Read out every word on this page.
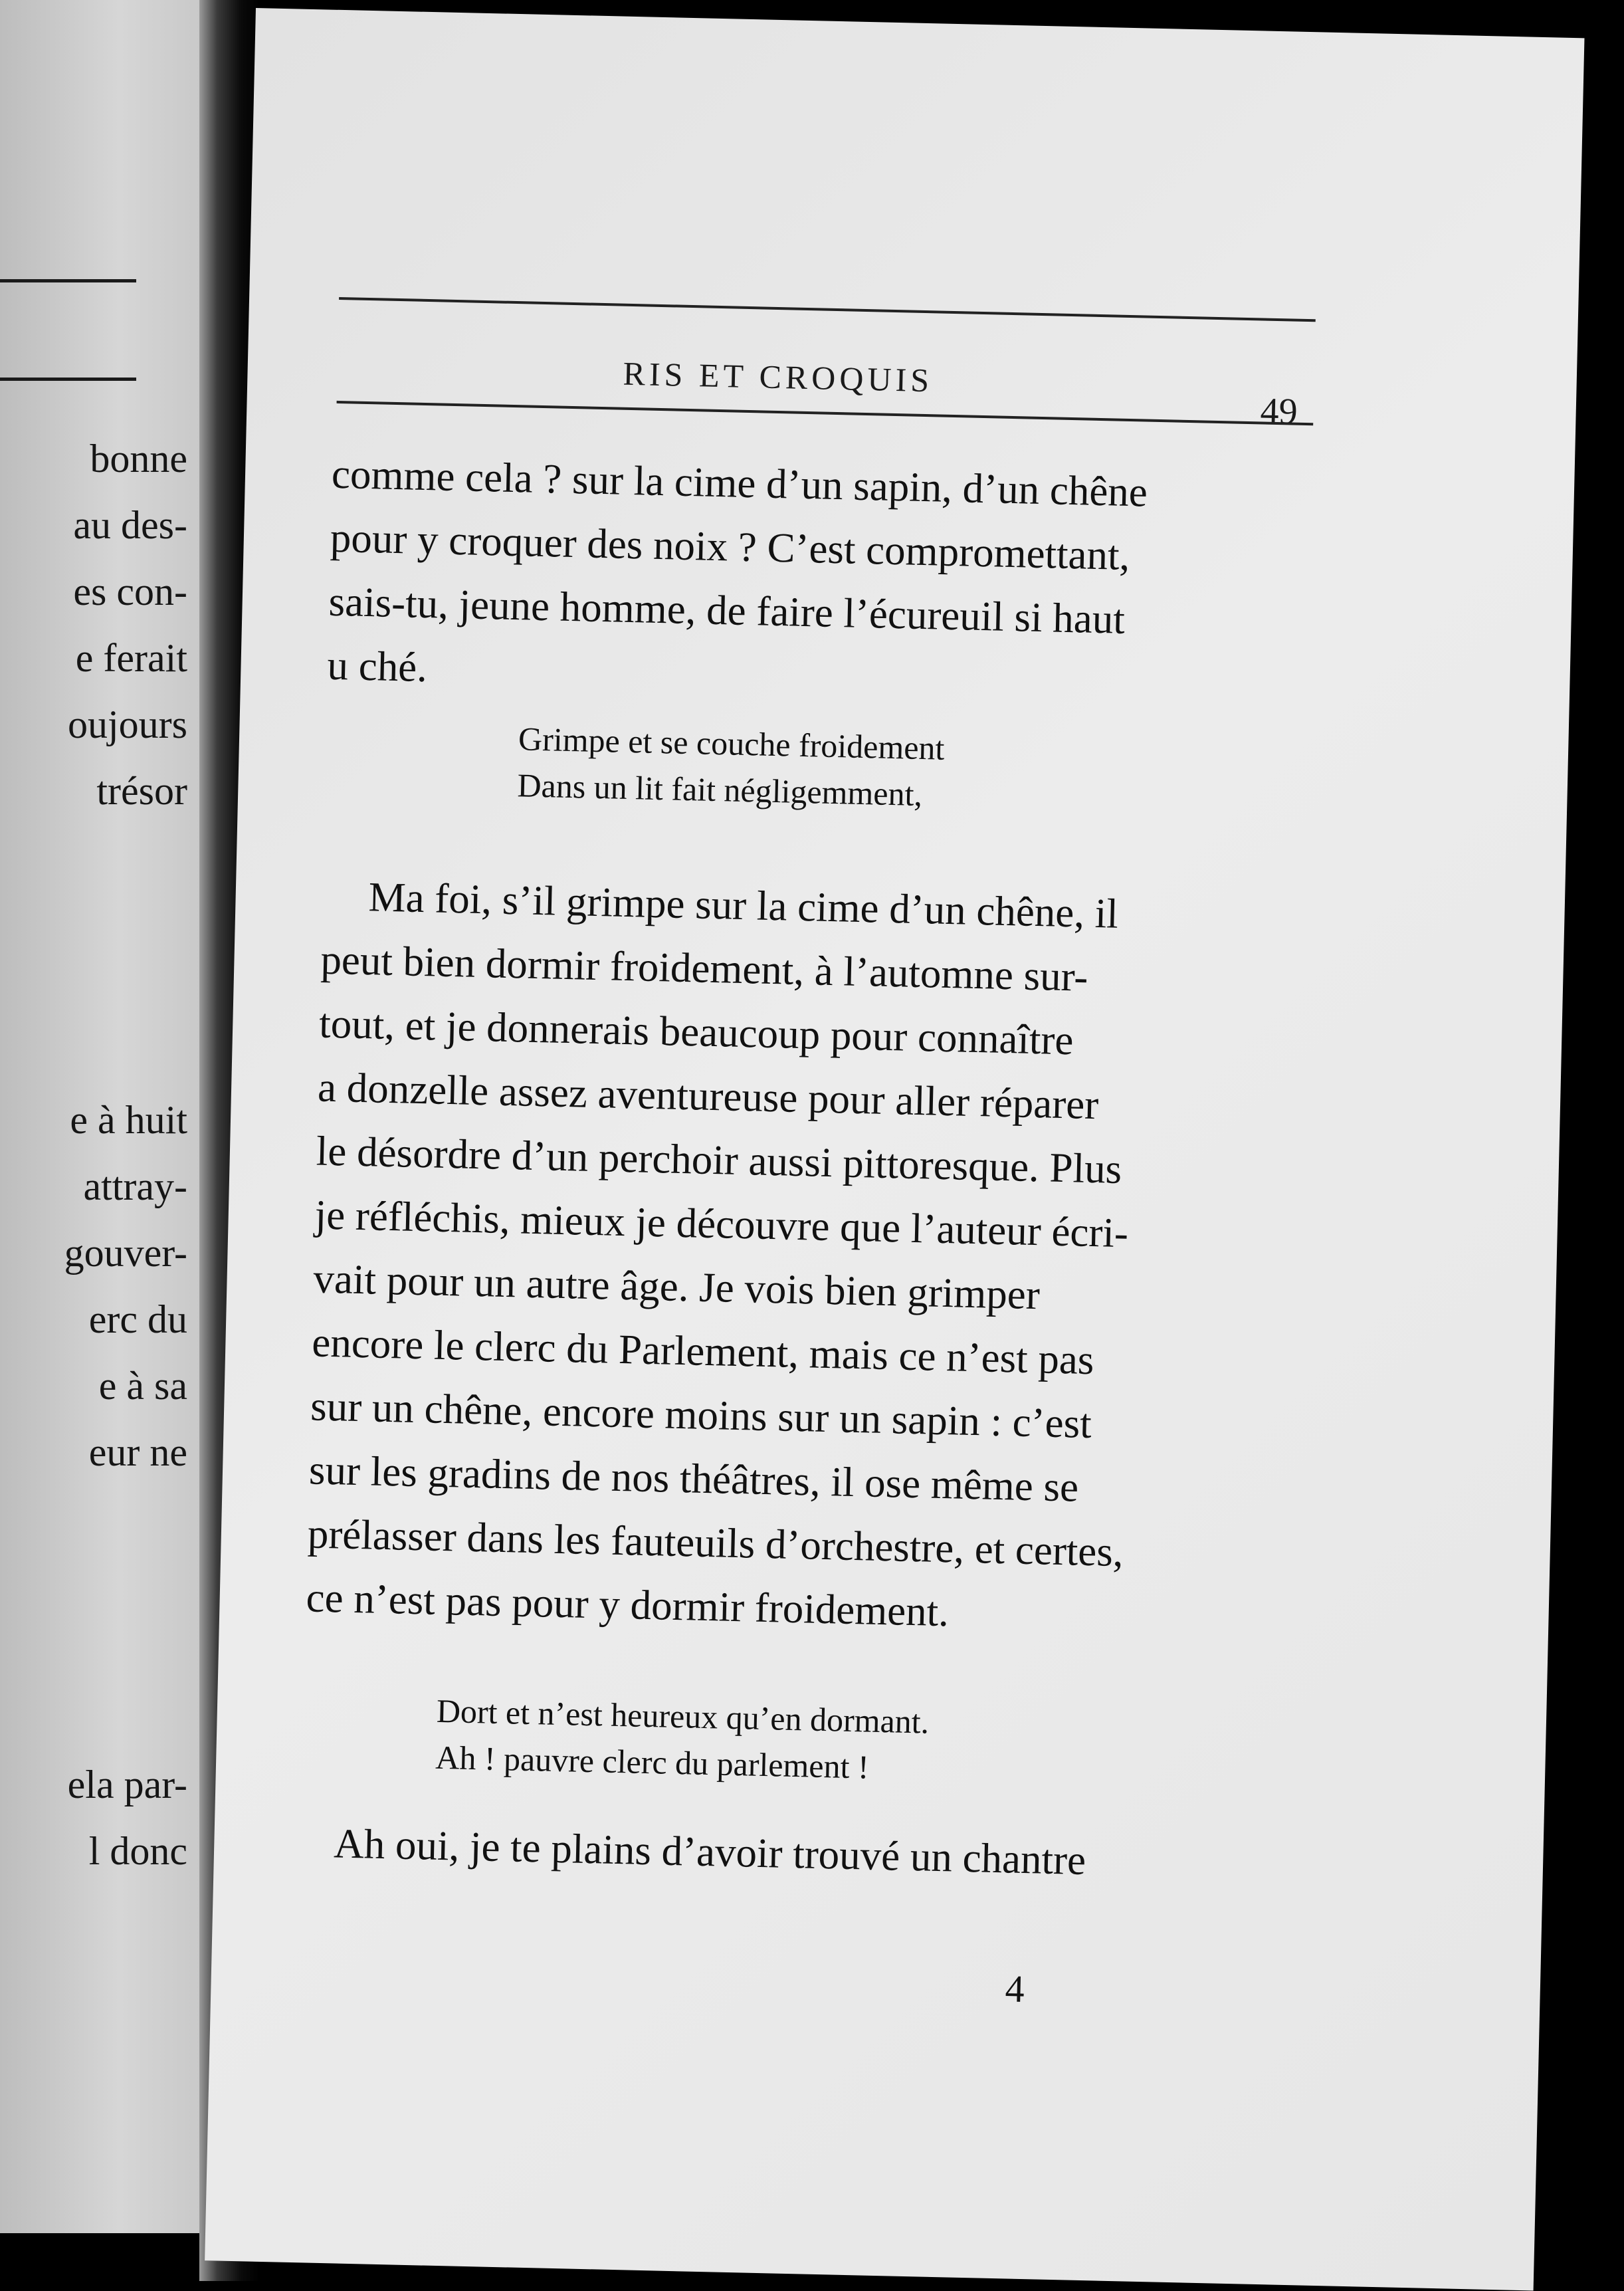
bonne
au des-
es con-
e ferait
oujours
trésor
e à huit
attray-
gouver-
erc du
e à sa
eur ne
ela par-
l donc
RIS ET CROQUIS
49
comme cela ? sur la cime d’un sapin, d’un chêne
pour y croquer des noix ? C’est compromettant,
sais-tu, jeune homme, de faire l’écureuil si haut
u ché.
Grimpe et se couche froidement
Dans un lit fait négligemment,
Ma foi, s’il grimpe sur la cime d’un chêne, il
peut bien dormir froidement, à l’automne sur-
tout, et je donnerais beaucoup pour connaître
a donzelle assez aventureuse pour aller réparer
le désordre d’un perchoir aussi pittoresque. Plus
je réfléchis, mieux je découvre que l’auteur écri-
vait pour un autre âge. Je vois bien grimper
encore le clerc du Parlement, mais ce n’est pas
sur un chêne, encore moins sur un sapin : c’est
sur les gradins de nos théâtres, il ose même se
prélasser dans les fauteuils d’orchestre, et certes,
ce n’est pas pour y dormir froidement.
Dort et n’est heureux qu’en dormant.
Ah ! pauvre clerc du parlement !
Ah oui, je te plains d’avoir trouvé un chantre
4
